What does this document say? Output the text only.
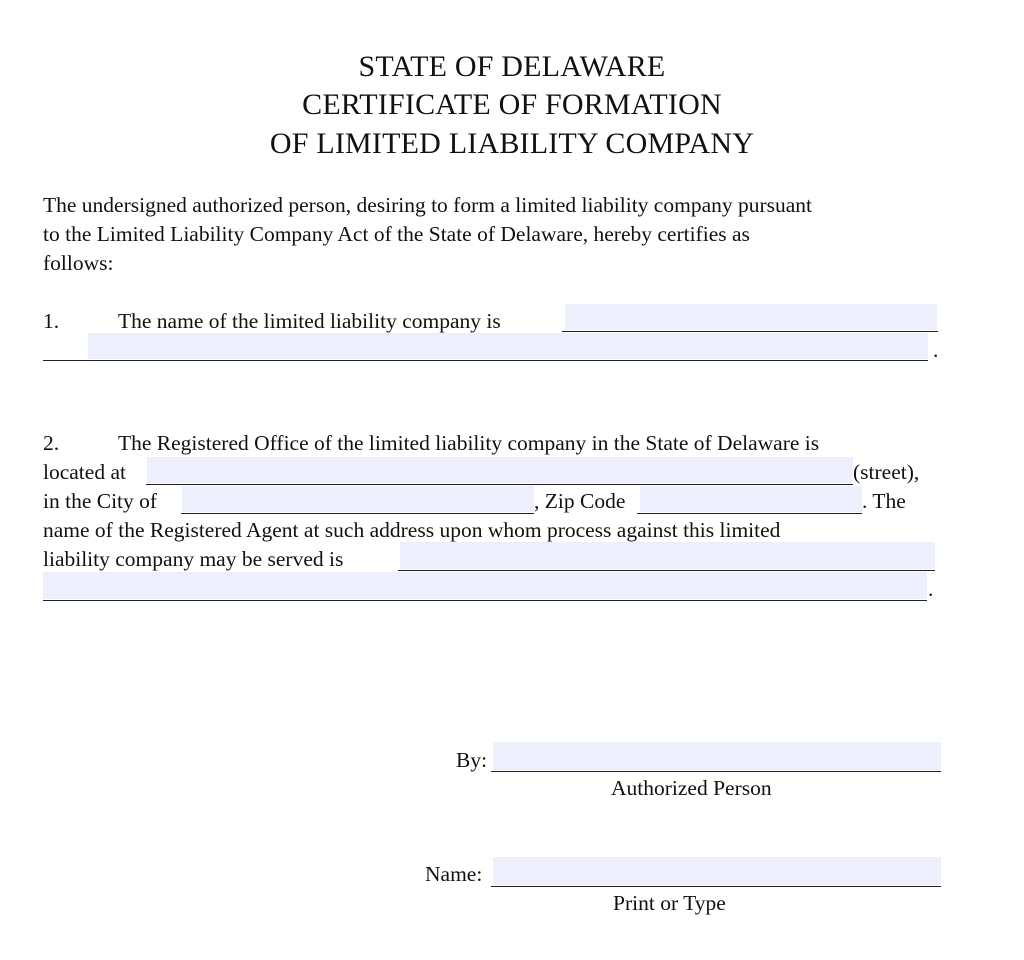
STATE OF DELAWARE
CERTIFICATE OF FORMATION
OF LIMITED LIABILITY COMPANY
The undersigned authorized person, desiring to form a limited liability company pursuant
to the Limited Liability Company Act of the State of Delaware, hereby certifies as
follows:
1.	The name of the limited liability company is
.
2.	The Registered Office of the limited liability company in the State of Delaware is
located at	(street),
in the City of	, Zip Code	. The
name of the Registered Agent at such address upon whom process against this limited
liability company may be served is
.
By:
Authorized Person
Name:
Print or Type
